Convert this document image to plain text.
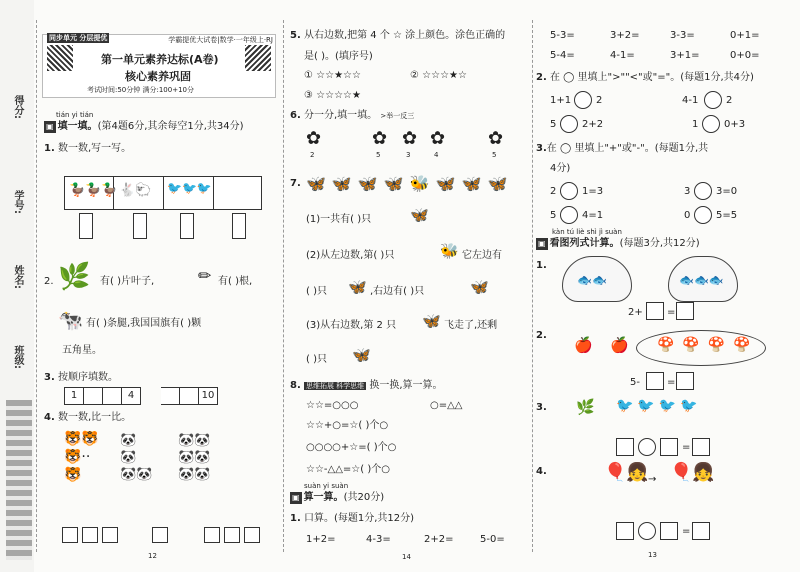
得分:
学号:
姓名:
班级:
同步单元 分层提优	学霸提优大试卷|数学·一年级上·RJ
第一单元素养达标(A卷)
核心素养巩固
考试时间:50分钟 满分:100+10分
tián yi tián
▣ 填一填。(第4题6分,其余每空1分,共34分)
1. 数一数,写一写。
🦆🦆🦆 🐇🐑 🐦🐦🐦
2. 🌿 有( )片叶子,	✏ 有( )根,
🐄 有( )条腿,我国国旗有( )颗
五角星。
3. 按顺序填数。
1	4	10
4. 数一数,比一比。
🐯🐯
🐯··
🐯
🐼
🐼
🐼🐼
🐼🐼
🐼🐼
🐼🐼
12
5. 从右边数,把第 4 个 ☆ 涂上颜色。涂色正确的
是( )。(填序号)
① ☆☆★☆☆	② ☆☆☆★☆
③ ☆☆☆☆★
6. 分一分,填一填。 >举一反三
✿
2
✿
5
✿
3
✿
4
✿
5
7. 🦋🦋🦋🦋🐝🦋🦋🦋
(1)一共有( )只	🦋
(2)从左边数,第( )只	🐝 它左边有
( )只 🦋 ,右边有( )只	🦋
(3)从右边数,第 2 只 🦋 飞走了,还剩
( )只 🦋
8. 思维拓展 科学思维 换一换,算一算。
☆☆=○○○	○=△△
☆☆+○=☆( )个○
○○○○+☆=( )个○
☆☆-△△=☆( )个○
suàn yi suàn
▣ 算一算。(共20分)
1. 口算。(每题1分,共12分)
1+2=	4-3=	2+2=	5-0=
14
5-3=	3+2=	3-3=	0+1=
5-4=	4-1=	3+1=	0+0=
2. 在 ◯ 里填上">""<"或"="。(每题1分,共4分)
1+1 2	4-1	2
5	2+2	1	0+3
3.在 ◯ 里填上"+"或"-"。(每题1分,共
4分)
2	1=3	3	3=0
5	4=1	0	5=5
kàn tú liè shì jì suàn
▣ 看图列式计算。(每题3分,共12分)
1.
🐟🐟	🐟🐟🐟
2+ =
2.
🍎 🍎 🍄🍄🍄🍄
5-	=
3. 🌿 🐦🐦🐦🐦
=
4.	🎈👧 → 🎈👧
=
13
